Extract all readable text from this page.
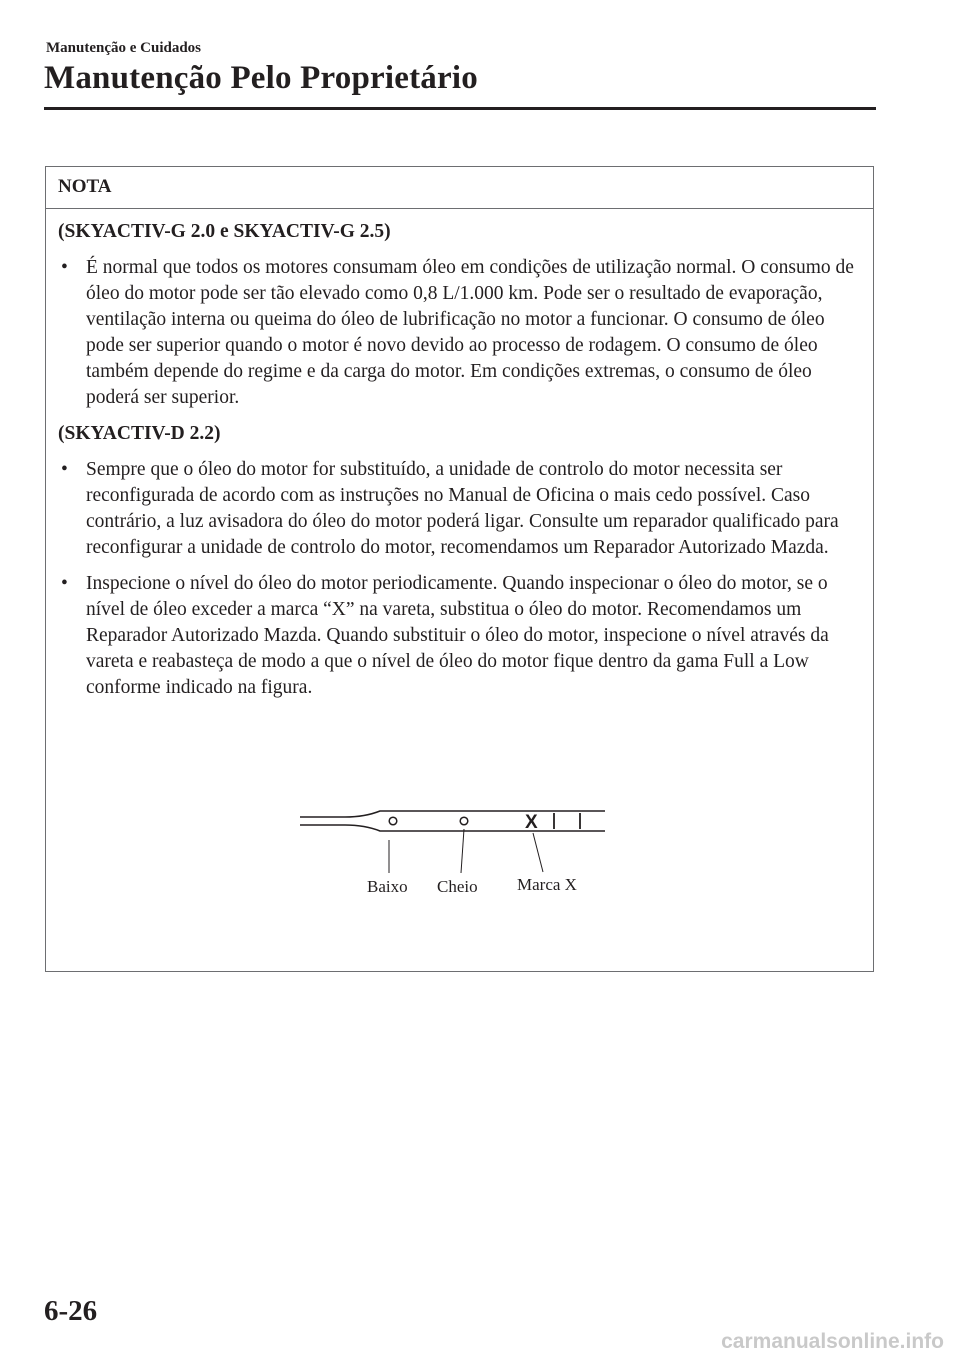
Manutenção e Cuidados
Manutenção Pelo Proprietário
NOTA
(SKYACTIV-G 2.0 e SKYACTIV-G 2.5)
• É normal que todos os motores consumam óleo em condições de utilização normal. O consumo de óleo do motor pode ser tão elevado como 0,8 L/1.000 km. Pode ser o resultado de evaporação, ventilação interna ou queima do óleo de lubrificação no motor a funcionar. O consumo de óleo pode ser superior quando o motor é novo devido ao processo de rodagem. O consumo de óleo também depende do regime e da carga do motor. Em condições extremas, o consumo de óleo poderá ser superior.
(SKYACTIV-D 2.2)
• Sempre que o óleo do motor for substituído, a unidade de controlo do motor necessita ser reconfigurada de acordo com as instruções no Manual de Oficina o mais cedo possível. Caso contrário, a luz avisadora do óleo do motor poderá ligar. Consulte um reparador qualificado para reconfigurar a unidade de controlo do motor, recomendamos um Reparador Autorizado Mazda.
• Inspecione o nível do óleo do motor periodicamente. Quando inspecionar o óleo do motor, se o nível de óleo exceder a marca “X” na vareta, substitua o óleo do motor. Recomendamos um Reparador Autorizado Mazda. Quando substituir o óleo do motor, inspecione o nível através da vareta e reabasteça de modo a que o nível de óleo do motor fique dentro da gama Full a Low conforme indicado na figura.
X
Baixo Cheio Marca X
6-26
carmanualsonline.info
